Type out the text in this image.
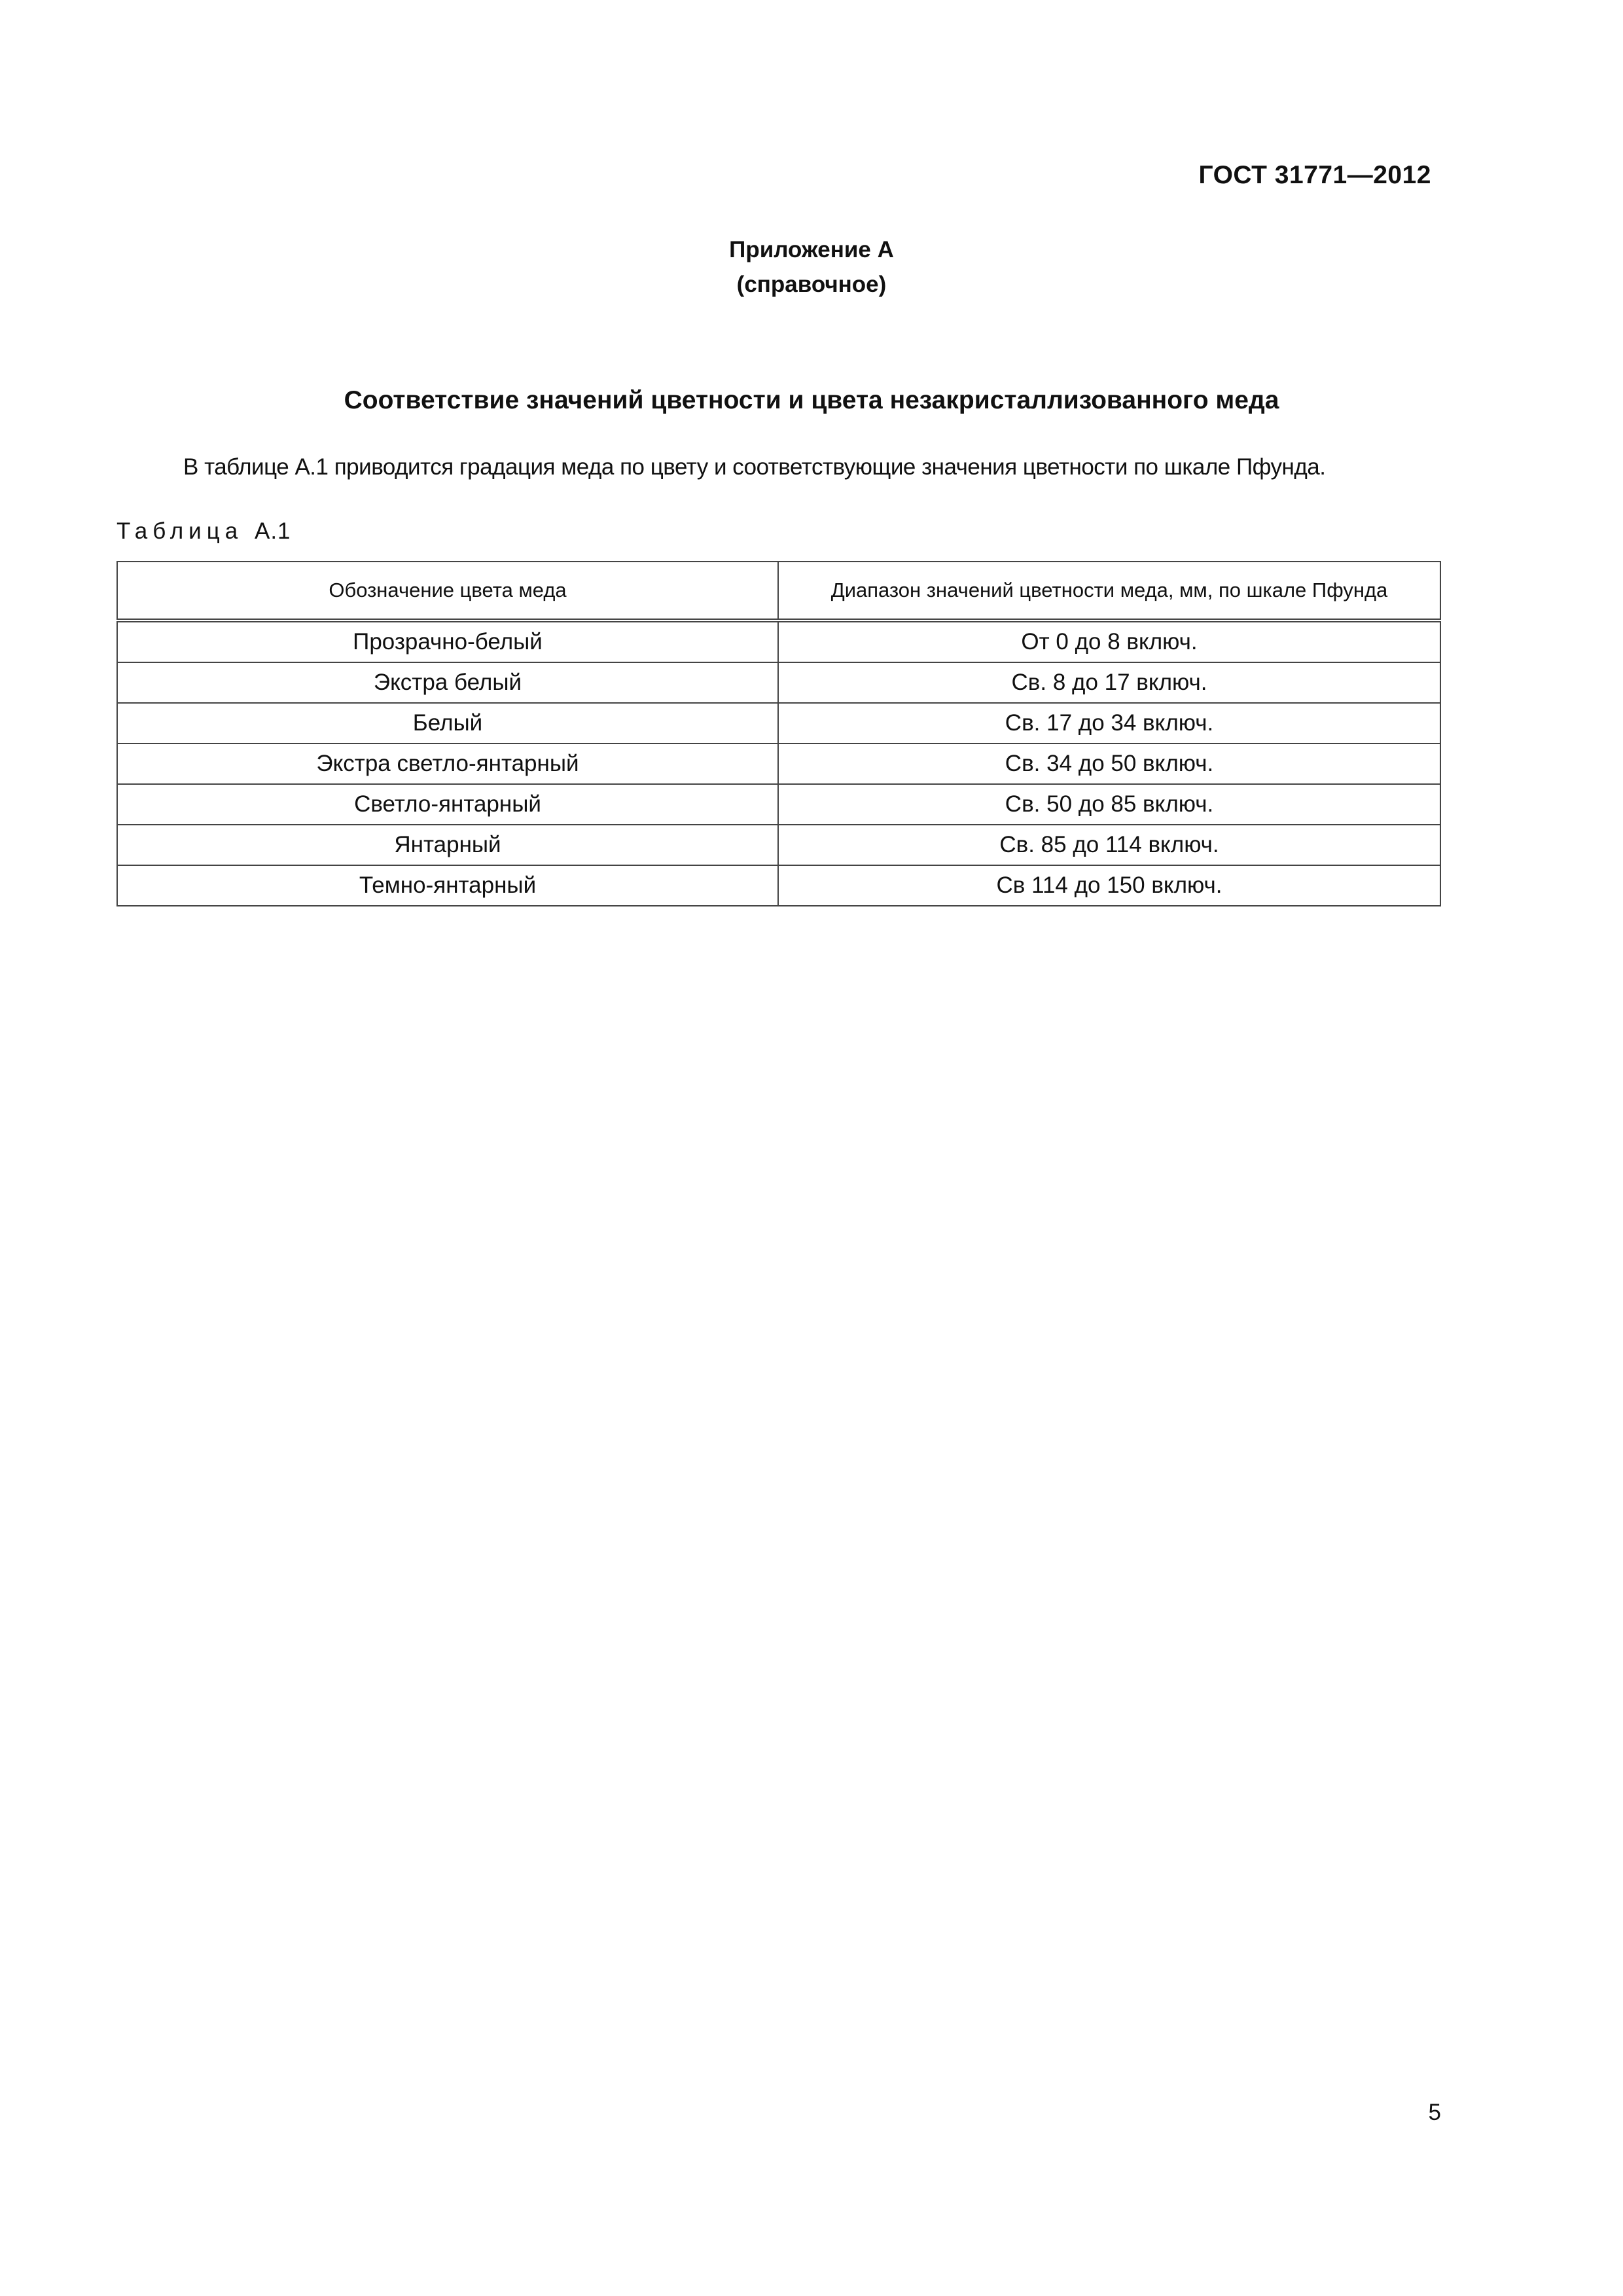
ГОСТ 31771—2012
Приложение А
(справочное)
Соответствие значений цветности и цвета незакристаллизованного меда
В таблице А.1 приводится градация меда по цвету и соответствующие значения цветности по шкале Пфунда.
Таблица А.1
Обозначение цвета меда	Диапазон значений цветности меда, мм, по шкале Пфунда
Прозрачно-белый	От 0 до 8 включ.
Экстра белый	Св. 8 до 17 включ.
Белый	Св. 17 до 34 включ.
Экстра светло-янтарный	Св. 34 до 50 включ.
Светло-янтарный	Св. 50 до 85 включ.
Янтарный	Св. 85 до 114 включ.
Темно-янтарный	Св 114 до 150 включ.
5
